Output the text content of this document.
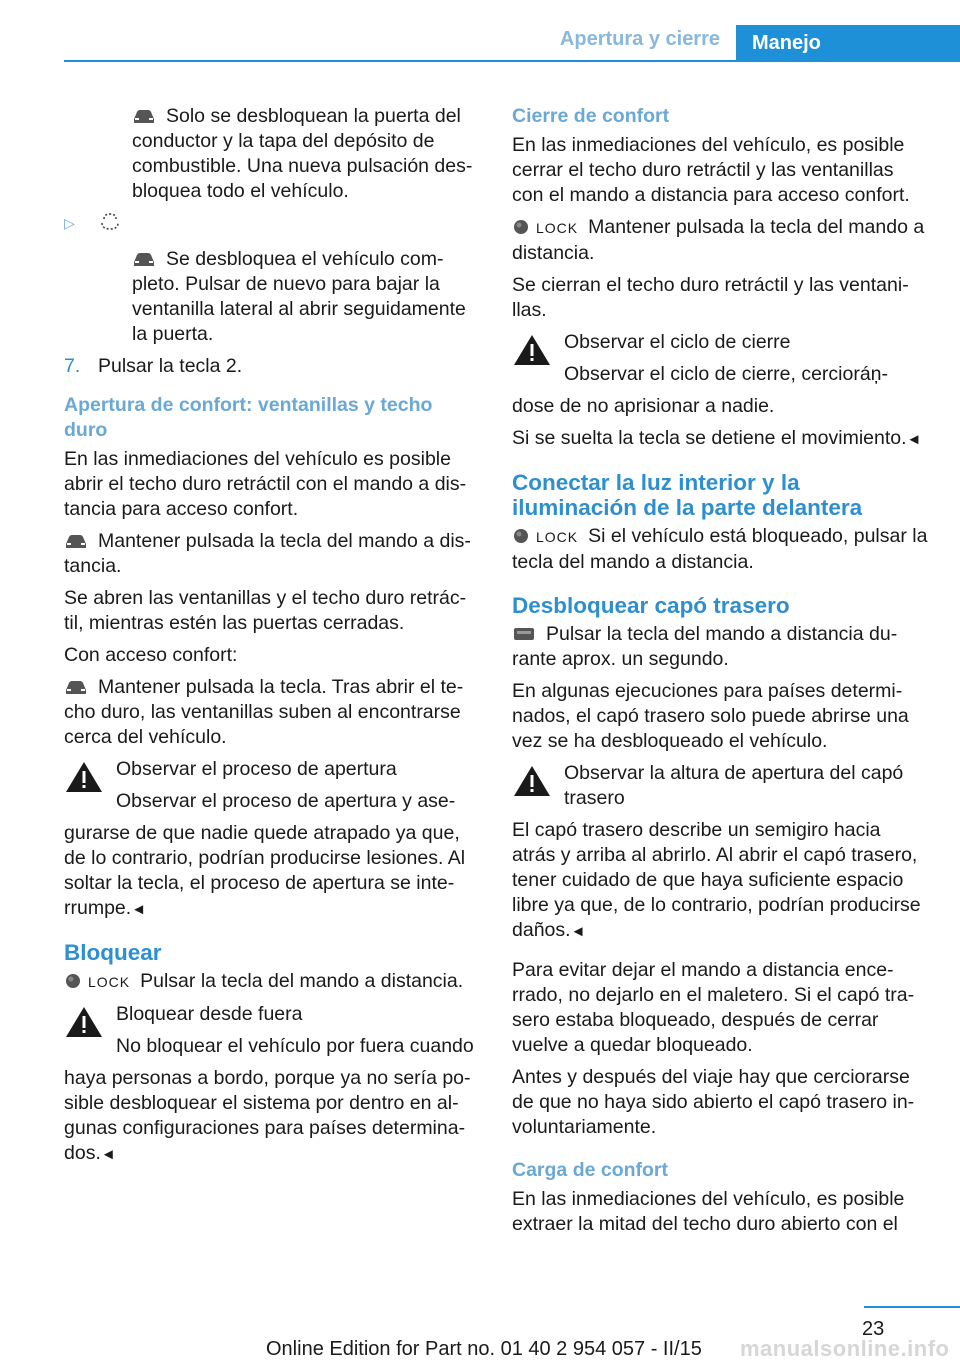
Apertura y cierre	Manejo

Solo se desbloquean la puerta del conductor y la tapa del depósito de combustible. Una nueva pulsación des‐bloquea todo el vehículo.

▷

Se desbloquea el vehículo com‐pleto. Pulsar de nuevo para bajar la ventanilla lateral al abrir seguidamente la puerta.

7. Pulsar la tecla 2.
Apertura de confort: ventanillas y techo duro

En las inmediaciones del vehículo es posible abrir el techo duro retráctil con el mando a dis‐tancia para acceso confort.

Mantener pulsada la tecla del mando a dis‐tancia.

Se abren las ventanillas y el techo duro retrác‐til, mientras estén las puertas cerradas.

Con acceso confort:

Mantener pulsada la tecla. Tras abrir el te‐cho duro, las ventanillas suben al encontrarse cerca del vehículo.

Observar el proceso de apertura
Observar el proceso de apertura y ase‐

gurarse de que nadie quede atrapado ya que, de lo contrario, podrían producirse lesiones. Al soltar la tecla, el proceso de apertura se inte‐rrumpe.◄

Bloquear

LOCK Pulsar la tecla del mando a distancia.

Bloquear desde fuera
No bloquear el vehículo por fuera cuando

haya personas a bordo, porque ya no sería po‐sible desbloquear el sistema por dentro en al‐gunas configuraciones para países determina‐dos.◄

Cierre de confort

En las inmediaciones del vehículo, es posible cerrar el techo duro retráctil y las ventanillas con el mando a distancia para acceso confort.

LOCK Mantener pulsada la tecla del mando a distancia.

Se cierran el techo duro retráctil y las ventani‐llas.

Observar el ciclo de cierre
Observar el ciclo de cierre, cercioráņ‐

dose de no aprisionar a nadie.

Si se suelta la tecla se detiene el movimiento.◄

Conectar la luz interior y la iluminación de la parte delantera

LOCK Si el vehículo está bloqueado, pulsar la tecla del mando a distancia.

Desbloquear capó trasero

Pulsar la tecla del mando a distancia du‐rante aprox. un segundo.

En algunas ejecuciones para países determi‐nados, el capó trasero solo puede abrirse una vez se ha desbloqueado el vehículo.

Observar la altura de apertura del capó trasero

El capó trasero describe un semigiro hacia atrás y arriba al abrirlo. Al abrir el capó trasero, tener cuidado de que haya suficiente espacio libre ya que, de lo contrario, podrían producirse daños.◄

Para evitar dejar el mando a distancia ence‐rrado, no dejarlo en el maletero. Si el capó tra‐sero estaba bloqueado, después de cerrar vuelve a quedar bloqueado.

Antes y después del viaje hay que cerciorarse de que no haya sido abierto el capó trasero in‐voluntariamente.

Carga de confort

En las inmediaciones del vehículo, es posible extraer la mitad del techo duro abierto con el

23
Online Edition for Part no. 01 40 2 954 057 - II/15 manualsonline.info
